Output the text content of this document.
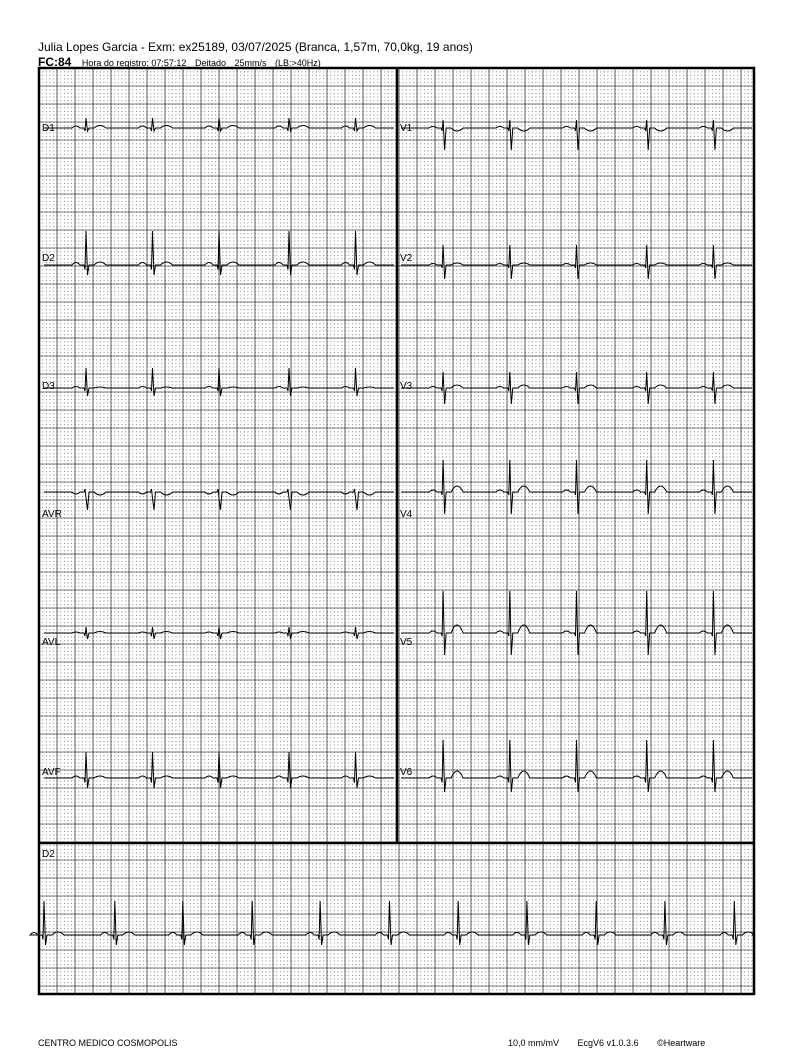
Julia Lopes Garcia - Exm: ex25189, 03/07/2025 (Branca, 1,57m, 70,0kg, 19 anos)
FC:84 Hora do registro: 07:57:12 Deitado 25mm/s (LB:>40Hz)
D1
D2
D3
AVR
AVL
AVF
V1
V2
V3
V4
V5
V6
D2
CENTRO MEDICO COSMOPOLIS	10,0 mm/mV EcgV6 v1.0.3.6 ©Heartware
